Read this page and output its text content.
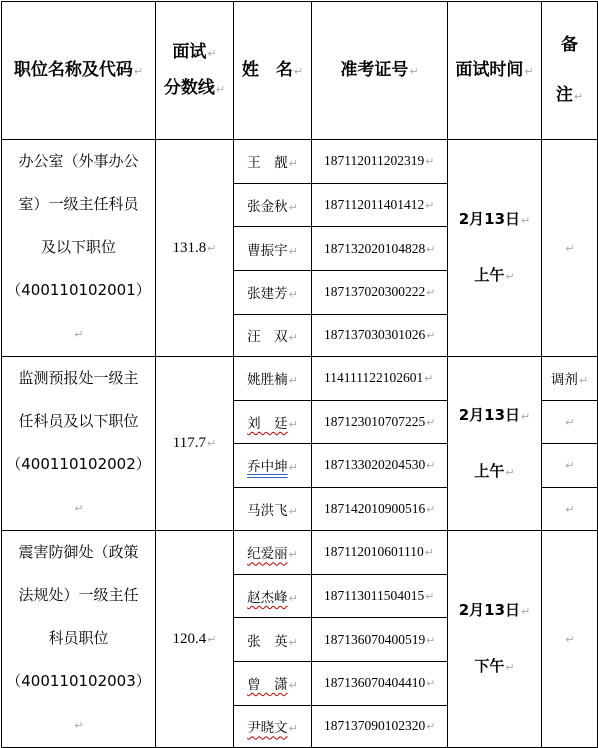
职位名称及代码↵	面试↵
分数线↵	姓　名↵	准考证号↵	面试时间↵	备
注↵
办公室（外事办公
室）一级主任科员
及以下职位
（400110102001）↵	131.8↵	王　靓↵	187112011202319↵	2月13日↵
上午↵	↵
		张金秋↵	187112011401412↵		
		曹振宇↵	187132020104828↵		
		张建芳↵	187137020300222↵		
		汪　双↵	187137030301026↵		
监测预报处一级主
任科员及以下职位
（400110102002）↵	117.7↵	姚胜楠↵	114111122102601↵	2月13日↵
上午↵	调剂↵
		刘　廷↵	187123010707225↵		↵
		乔中坤↵	187133020204530↵		↵
		马洪飞↵	187142010900516↵		↵
震害防御处（政策
法规处）一级主任
科员职位
（400110102003）↵	120.4↵	纪爱丽↵	187112010601110↵	2月13日↵
下午↵	↵
		赵杰峰↵	187113011504015↵		
		张　英↵	187136070400519↵		
		曾　潇↵	187136070404410↵		
		尹晓文↵	187137090102320↵		
